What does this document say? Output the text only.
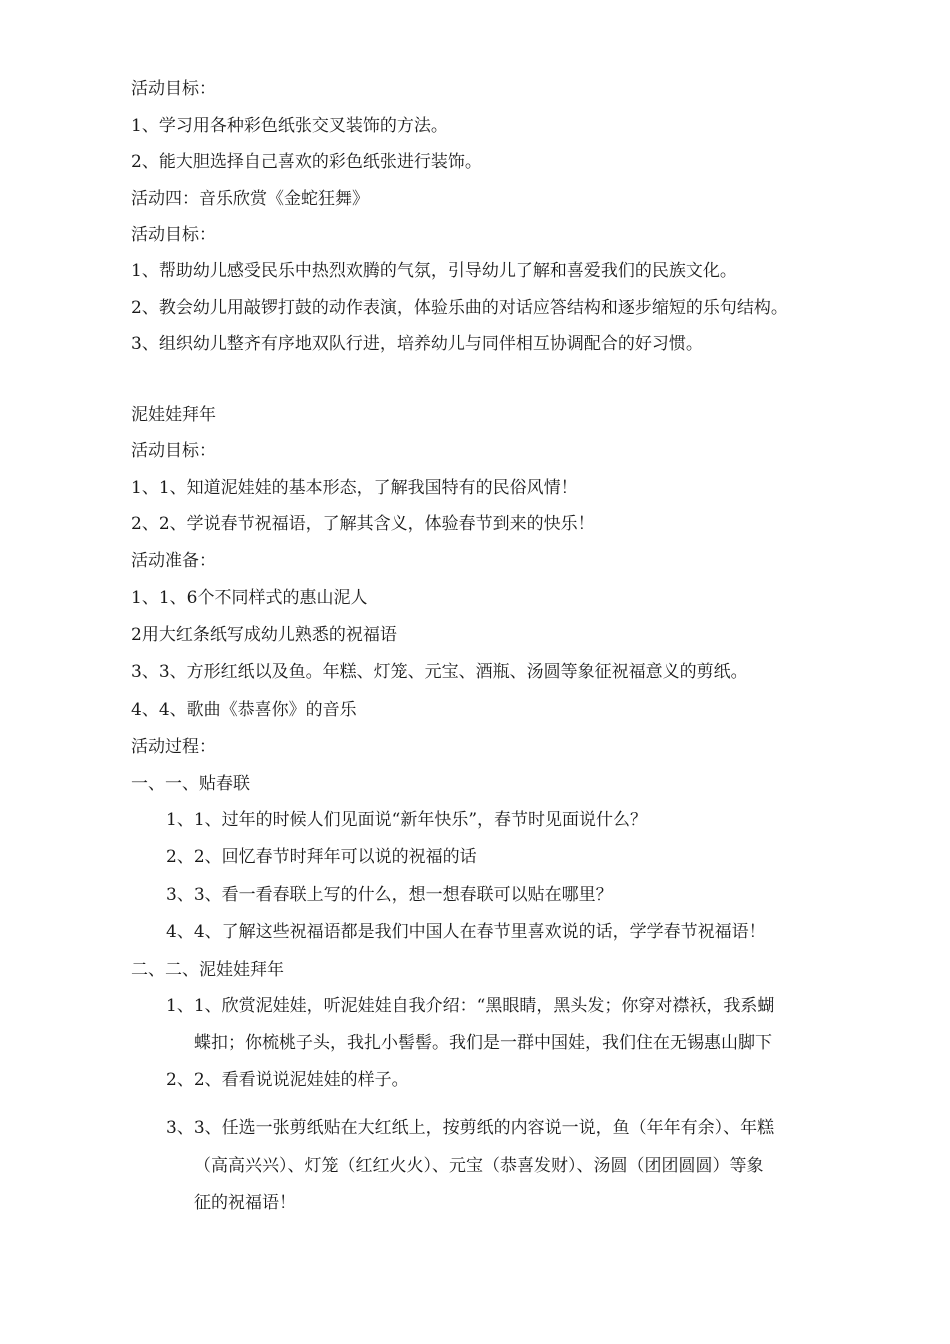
活动目标：
1、学习用各种彩色纸张交叉装饰的方法。
2、能大胆选择自己喜欢的彩色纸张进行装饰。
活动四：音乐欣赏《金蛇狂舞》
活动目标：
1、帮助幼儿感受民乐中热烈欢腾的气氛，引导幼儿了解和喜爱我们的民族文化。
2、教会幼儿用敲锣打鼓的动作表演，体验乐曲的对话应答结构和逐步缩短的乐句结构。
3、组织幼儿整齐有序地双队行进，培养幼儿与同伴相互协调配合的好习惯。
泥娃娃拜年
活动目标：
1、1、知道泥娃娃的基本形态，了解我国特有的民俗风情！
2、2、学说春节祝福语，了解其含义，体验春节到来的快乐！
活动准备：
1、1、6个不同样式的惠山泥人
2用大红条纸写成幼儿熟悉的祝福语
3、3、方形红纸以及鱼。年糕、灯笼、元宝、酒瓶、汤圆等象征祝福意义的剪纸。
4、4、歌曲《恭喜你》的音乐
活动过程：
一、一、贴春联
1、1、过年的时候人们见面说“新年快乐”，春节时见面说什么？
2、2、回忆春节时拜年可以说的祝福的话
3、3、看一看春联上写的什么，想一想春联可以贴在哪里？
4、4、了解这些祝福语都是我们中国人在春节里喜欢说的话，学学春节祝福语！
二、二、泥娃娃拜年
1、1、欣赏泥娃娃，听泥娃娃自我介绍：“黑眼睛，黑头发；你穿对襟袄，我系蝴
蝶扣；你梳桃子头，我扎小髻髻。我们是一群中国娃，我们住在无锡惠山脚下
2、2、看看说说泥娃娃的样子。
3、3、任选一张剪纸贴在大红纸上，按剪纸的内容说一说，鱼（年年有余）、年糕
（高高兴兴）、灯笼（红红火火）、元宝（恭喜发财）、汤圆（团团圆圆）等象
征的祝福语！
